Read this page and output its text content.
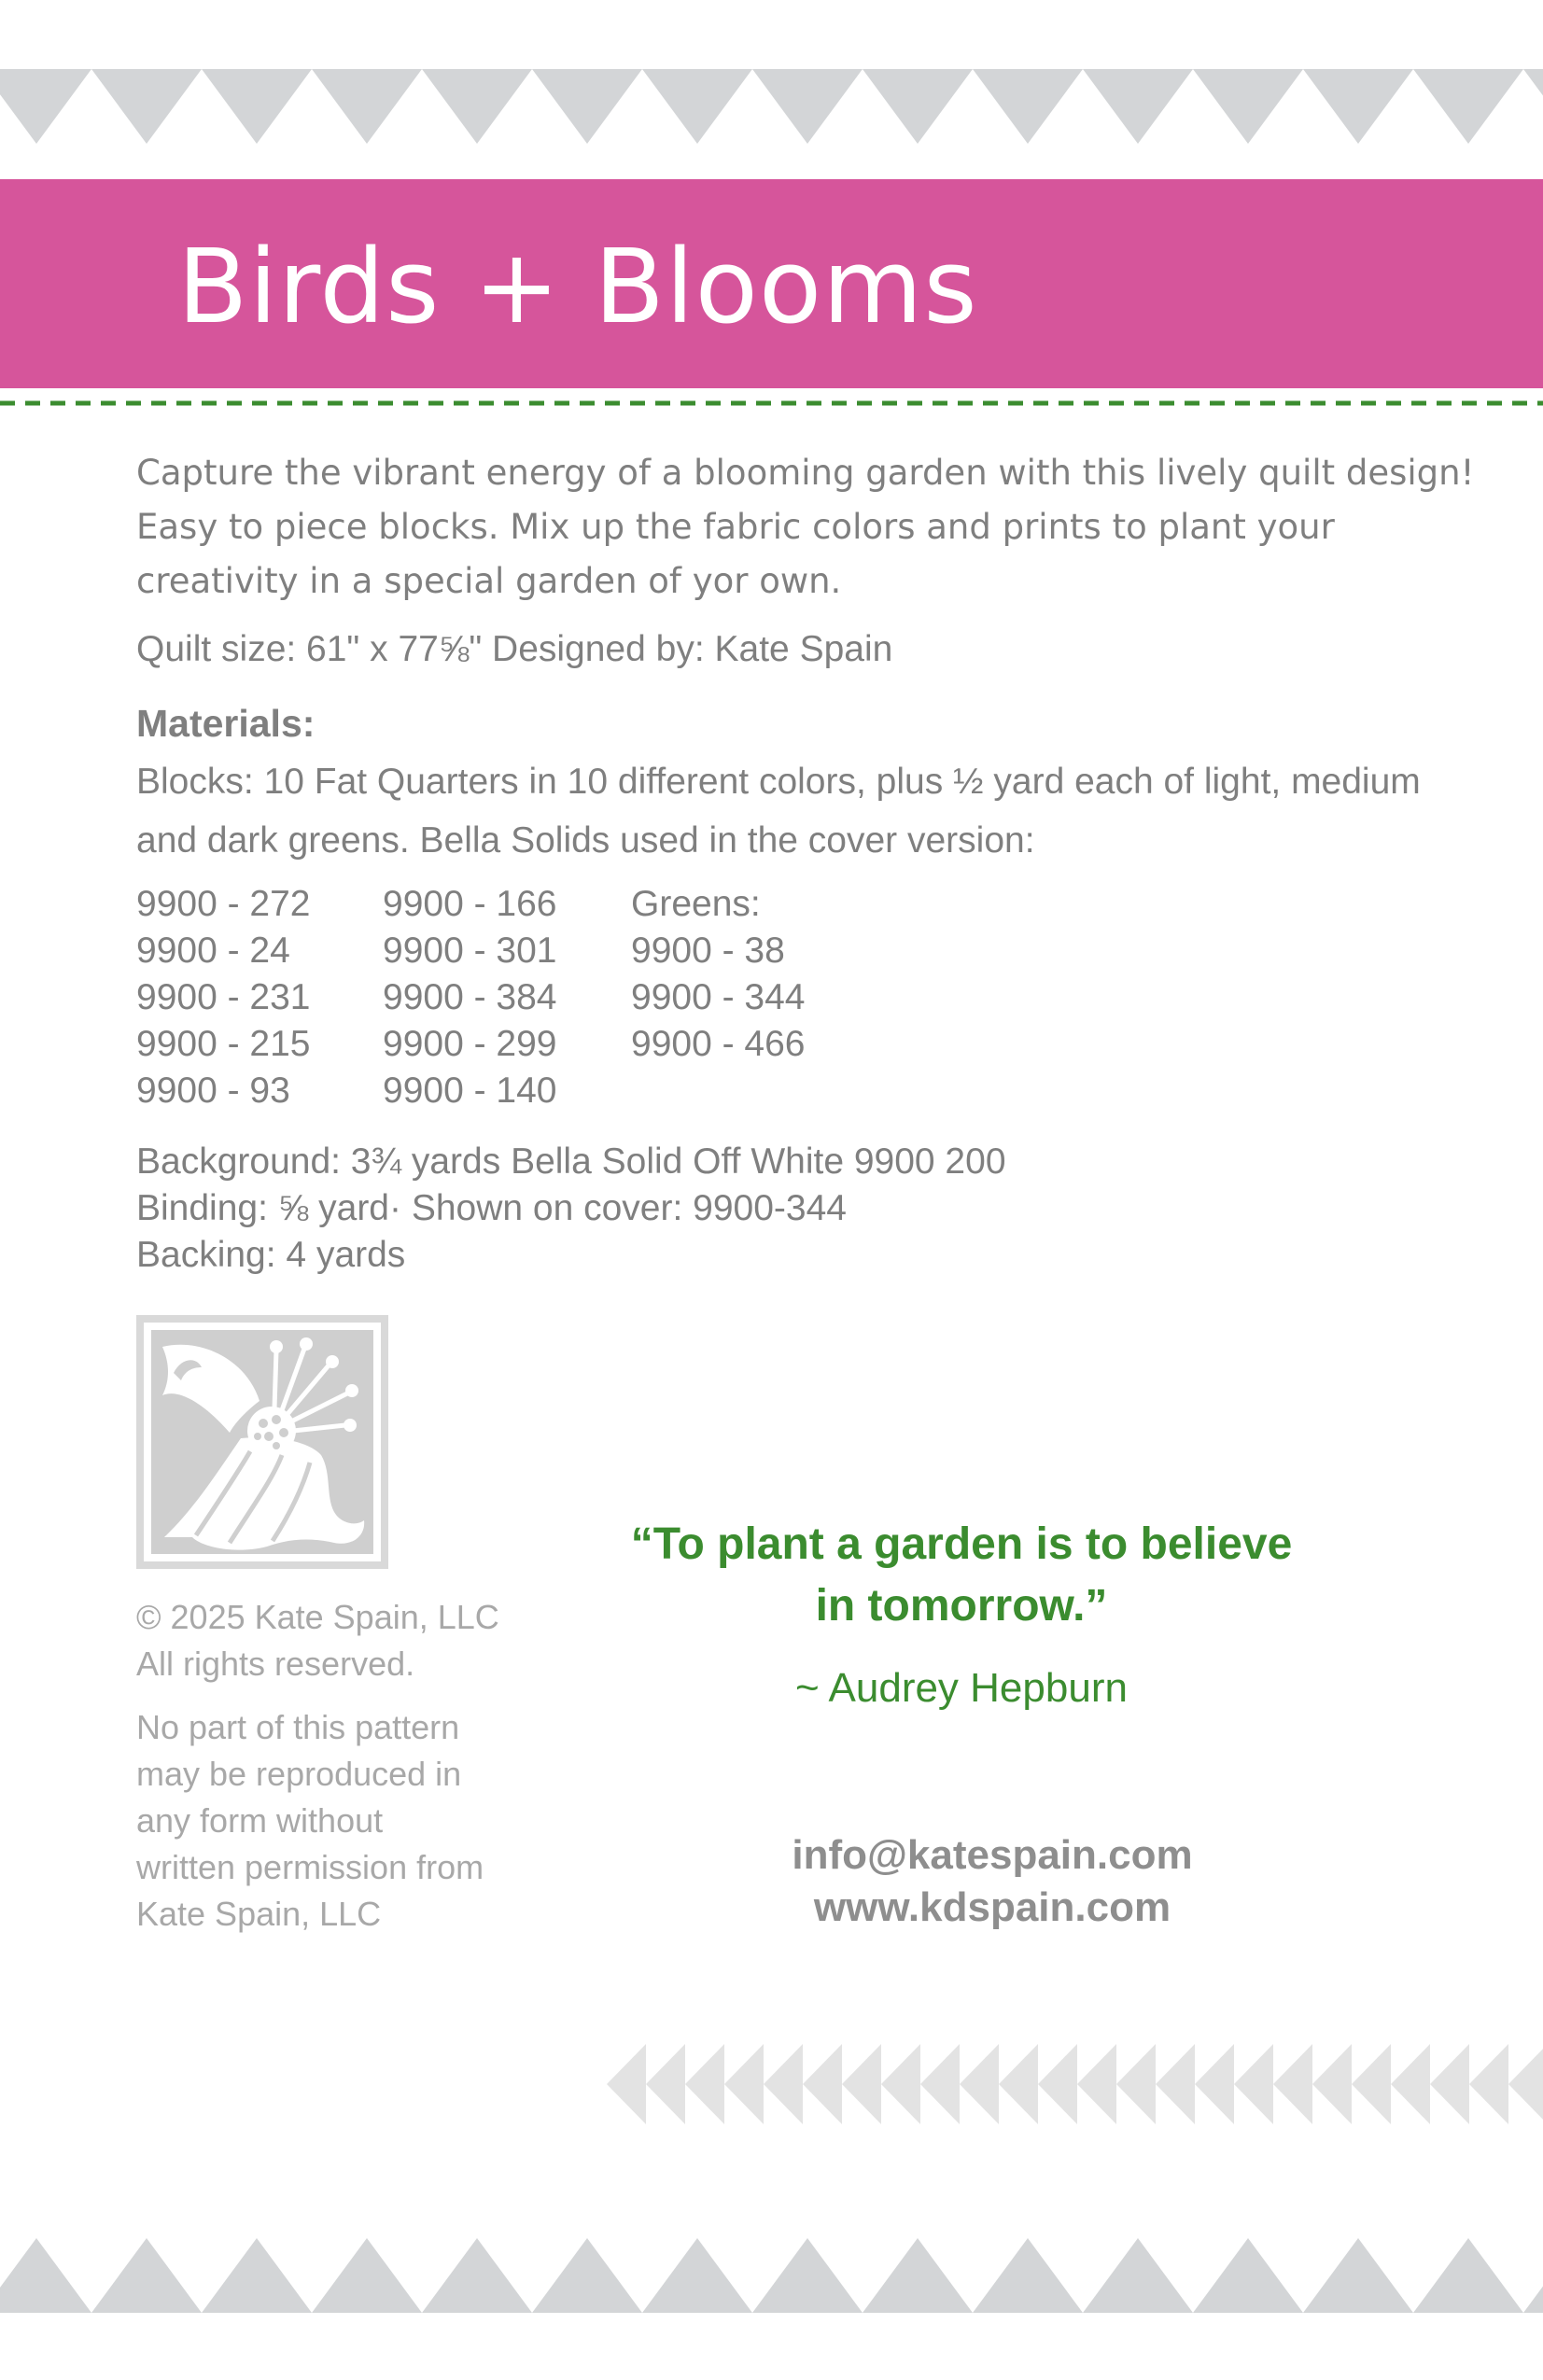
Birds + Blooms
Capture the vibrant energy of a blooming garden with this lively quilt design!
Easy to piece blocks. Mix up the fabric colors and prints to plant your
creativity in a special garden of yor own.
Quilt size: 61" x 77⅝" Designed by: Kate Spain
Materials:
Blocks: 10 Fat Quarters in 10 different colors, plus ½ yard each of light, medium
and dark greens. Bella Solids used in the cover version:
9900 - 272
9900 - 24
9900 - 231
9900 - 215
9900 - 93
9900 - 166
9900 - 301
9900 - 384
9900 - 299
9900 - 140
Greens:
9900 - 38
9900 - 344
9900 - 466
Background: 3¾ yards Bella Solid Off White 9900 200
Binding: ⅝ yard· Shown on cover: 9900-344
Backing: 4 yards
© 2025 Kate Spain, LLC
All rights reserved.
No part of this pattern
may be reproduced in
any form without
written permission from
Kate Spain, LLC
“To plant a garden is to believe
in tomorrow.”
~ Audrey Hepburn
info@katespain.com
www.kdspain.com
